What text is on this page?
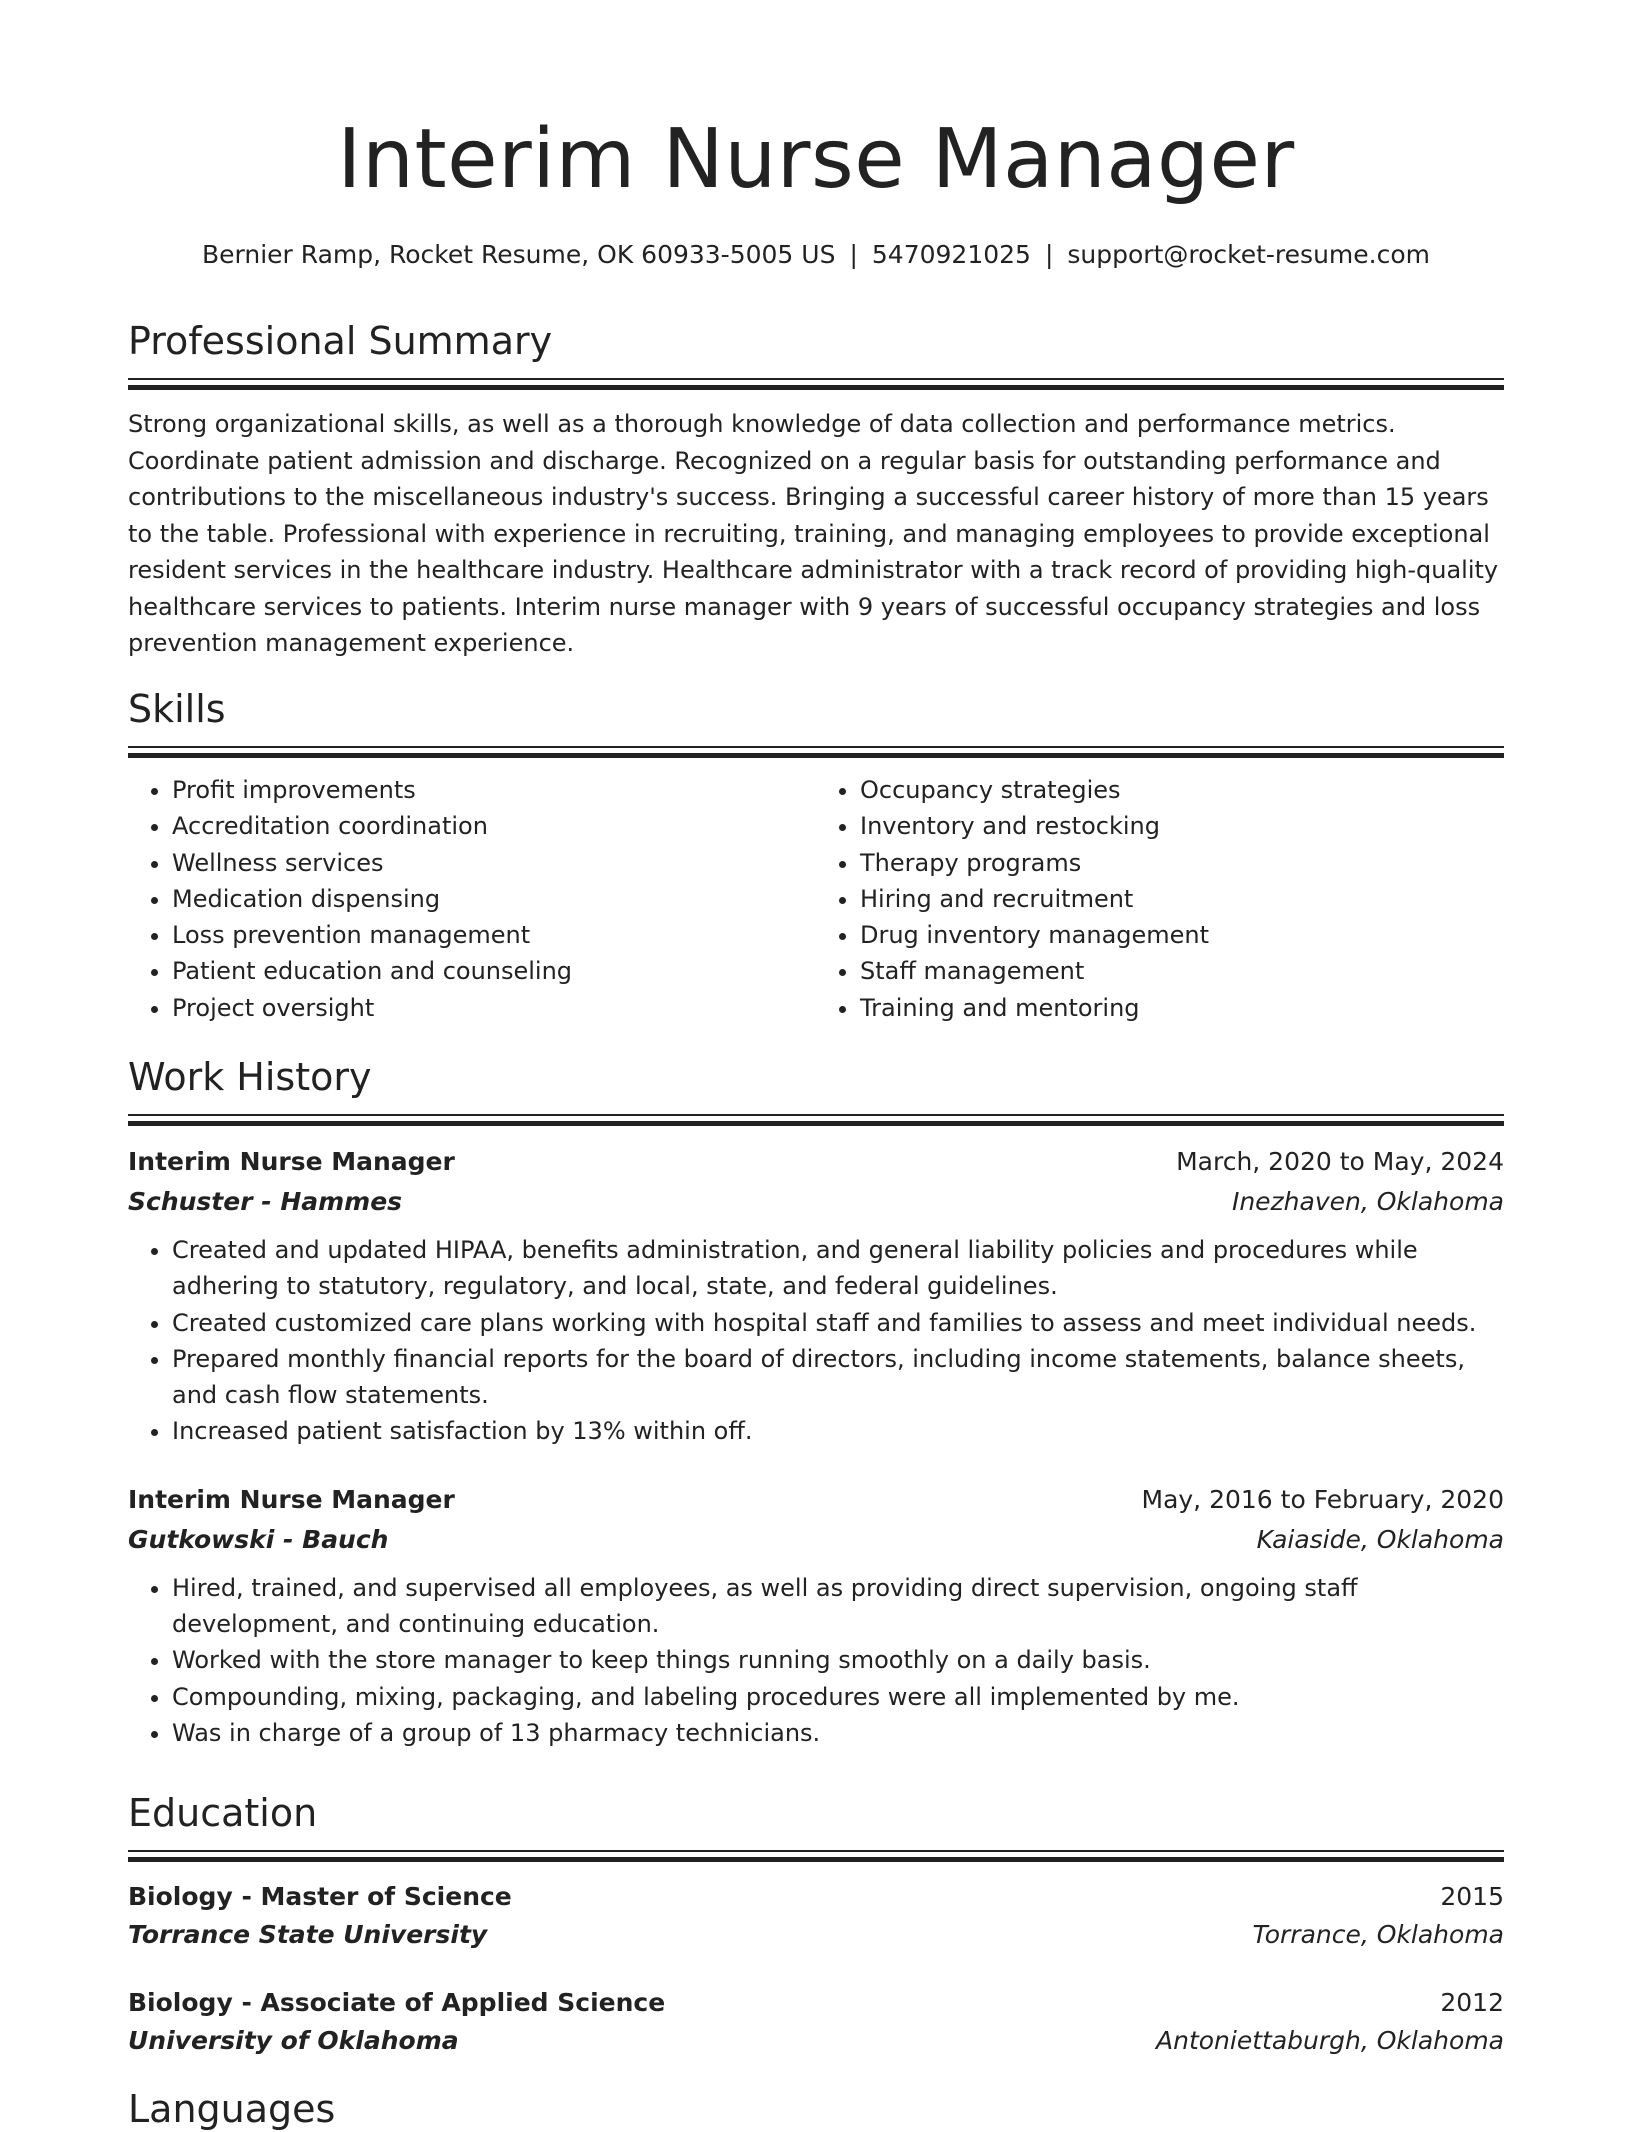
Interim Nurse Manager
Bernier Ramp, Rocket Resume, OK 60933-5005 US | 5470921025 | support@rocket-resume.com
Professional Summary

Strong organizational skills, as well as a thorough knowledge of data collection and performance metrics. Coordinate patient admission and discharge. Recognized on a regular basis for outstanding performance and contributions to the miscellaneous industry's success. Bringing a successful career history of more than 15 years to the table. Professional with experience in recruiting, training, and managing employees to provide exceptional resident services in the healthcare industry. Healthcare administrator with a track record of providing high-quality healthcare services to patients. Interim nurse manager with 9 years of successful occupancy strategies and loss prevention management experience.

Skills
• Profit improvements
• Accreditation coordination
• Wellness services
• Medication dispensing
• Loss prevention management
• Patient education and counseling
• Project oversight
• Occupancy strategies
• Inventory and restocking
• Therapy programs
• Hiring and recruitment
• Drug inventory management
• Staff management
• Training and mentoring
Work History
Interim Nurse Manager	March, 2020 to May, 2024
Schuster - Hammes	Inezhaven, Oklahoma
• Created and updated HIPAA, benefits administration, and general liability policies and procedures while adhering to statutory, regulatory, and local, state, and federal guidelines.
• Created customized care plans working with hospital staff and families to assess and meet individual needs.
• Prepared monthly financial reports for the board of directors, including income statements, balance sheets, and cash flow statements.
• Increased patient satisfaction by 13% within off.
Interim Nurse Manager	May, 2016 to February, 2020
Gutkowski - Bauch	Kaiaside, Oklahoma
• Hired, trained, and supervised all employees, as well as providing direct supervision, ongoing staff development, and continuing education.
• Worked with the store manager to keep things running smoothly on a daily basis.
• Compounding, mixing, packaging, and labeling procedures were all implemented by me.
• Was in charge of a group of 13 pharmacy technicians.
Education
Biology - Master of Science	2015
Torrance State University	Torrance, Oklahoma
Biology - Associate of Applied Science	2012
University of Oklahoma	Antoniettaburgh, Oklahoma
Languages
